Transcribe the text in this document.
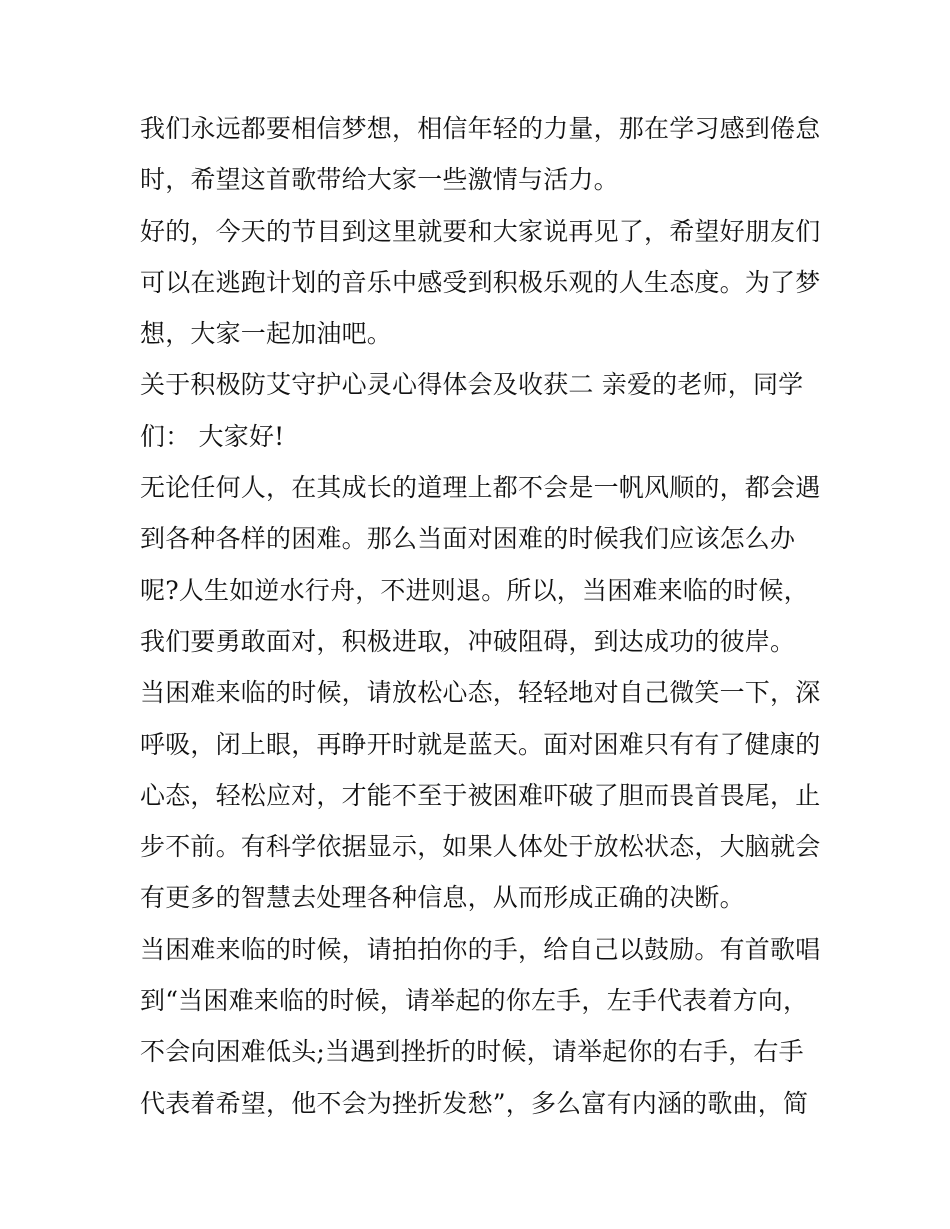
我们永远都要相信梦想，相信年轻的力量，那在学习感到倦怠
时，希望这首歌带给大家一些激情与活力。
好的，今天的节目到这里就要和大家说再见了，希望好朋友们
可以在逃跑计划的音乐中感受到积极乐观的人生态度。为了梦
想，大家一起加油吧。
关于积极防艾守护心灵心得体会及收获二 亲爱的老师，同学
们： 大家好!
无论任何人，在其成长的道理上都不会是一帆风顺的，都会遇
到各种各样的困难。那么当面对困难的时候我们应该怎么办
呢?人生如逆水行舟，不进则退。所以，当困难来临的时候，
我们要勇敢面对，积极进取，冲破阻碍，到达成功的彼岸。
当困难来临的时候，请放松心态，轻轻地对自己微笑一下，深
呼吸，闭上眼，再睁开时就是蓝天。面对困难只有有了健康的
心态，轻松应对，才能不至于被困难吓破了胆而畏首畏尾，止
步不前。有科学依据显示，如果人体处于放松状态，大脑就会
有更多的智慧去处理各种信息，从而形成正确的决断。
当困难来临的时候，请拍拍你的手，给自己以鼓励。有首歌唱
到“当困难来临的时候，请举起的你左手，左手代表着方向，
不会向困难低头;当遇到挫折的时候，请举起你的右手，右手
代表着希望，他不会为挫折发愁”，多么富有内涵的歌曲，简
